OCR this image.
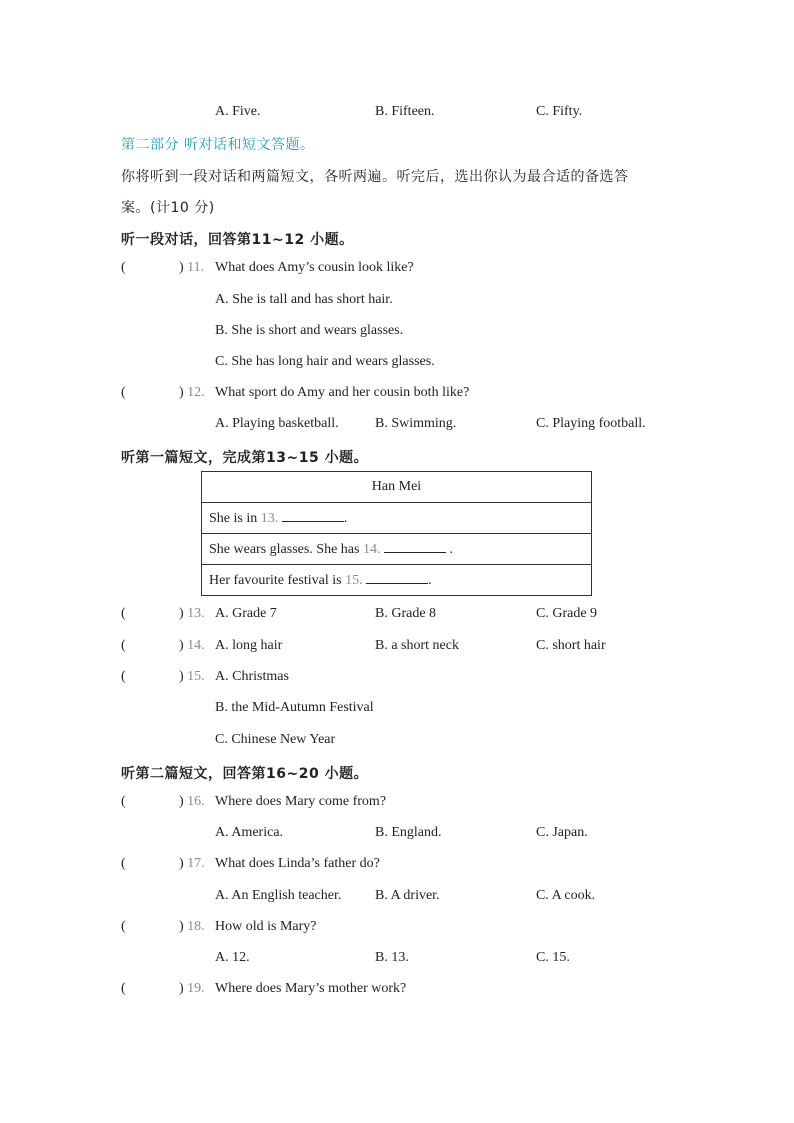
A. Five.	B. Fifteen.	C. Fifty.
第二部分 听对话和短文答题。
你将听到一段对话和两篇短文，各听两遍。听完后，选出你认为最合适的备选答
案。(计10 分)
听一段对话，回答第11~12 小题。
(	) 11. What does Amy’s cousin look like?
A. She is tall and has short hair.
B. She is short and wears glasses.
C. She has long hair and wears glasses.
(	) 12. What sport do Amy and her cousin both like?
A. Playing basketball.	B. Swimming.	C. Playing football.
听第一篇短文，完成第13~15 小题。
Han Mei
She is in 13.	.
She wears glasses. She has 14.	.
Her favourite festival is 15.	.
(	) 13. A. Grade 7	B. Grade 8	C. Grade 9
(	) 14. A. long hair	B. a short neck	C. short hair
(	) 15. A. Christmas
B. the Mid-Autumn Festival
C. Chinese New Year
听第二篇短文，回答第16~20 小题。
(	) 16. Where does Mary come from?
A. America.	B. England.	C. Japan.
(	) 17. What does Linda’s father do?
A. An English teacher. B. A driver.	C. A cook.
(	) 18. How old is Mary?
A. 12.	B. 13.	C. 15.
(	) 19. Where does Mary’s mother work?
